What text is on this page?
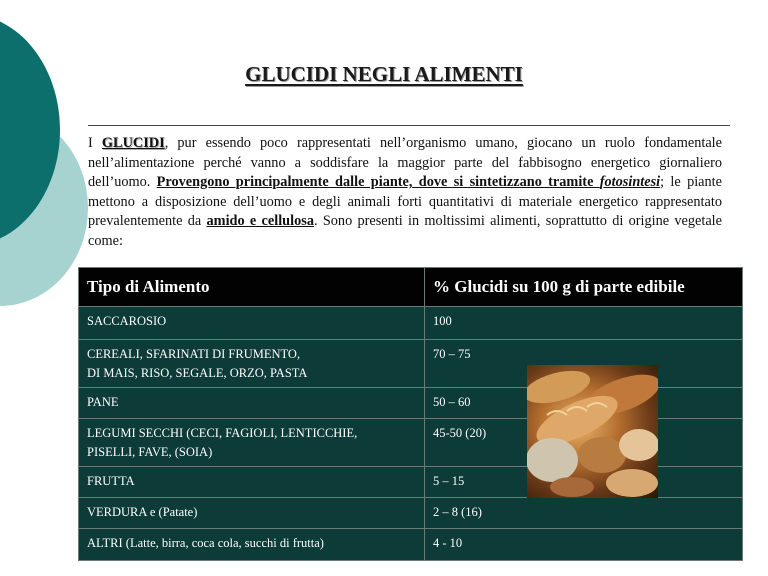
GLUCIDI NEGLI ALIMENTI

I GLUCIDI, pur essendo poco rappresentati nell’organismo umano, giocano un ruolo fondamentale nell’alimentazione perché vanno a soddisfare la maggior parte del fabbisogno energetico giornaliero dell’uomo. Provengono principalmente dalle piante, dove si sintetizzano tramite fotosintesi; le piante mettono a disposizione dell’uomo e degli animali forti quantitativi di materiale energetico rappresentato prevalentemente da amido e cellulosa. Sono presenti in moltissimi alimenti, soprattutto di origine vegetale come:

Tipo di Alimento	% Glucidi su 100 g di parte edibile
SACCAROSIO	100
CEREALI, SFARINATI DI FRUMENTO,
DI MAIS, RISO, SEGALE, ORZO, PASTA	70 – 75
PANE	50 – 60
LEGUMI SECCHI (CECI, FAGIOLI, LENTICCHIE,
PISELLI, FAVE, (SOIA)	45-50 (20)
FRUTTA	5 – 15
VERDURA e (Patate)	2 – 8 (16)
ALTRI (Latte, birra, coca cola, succhi di frutta)	4 - 10
